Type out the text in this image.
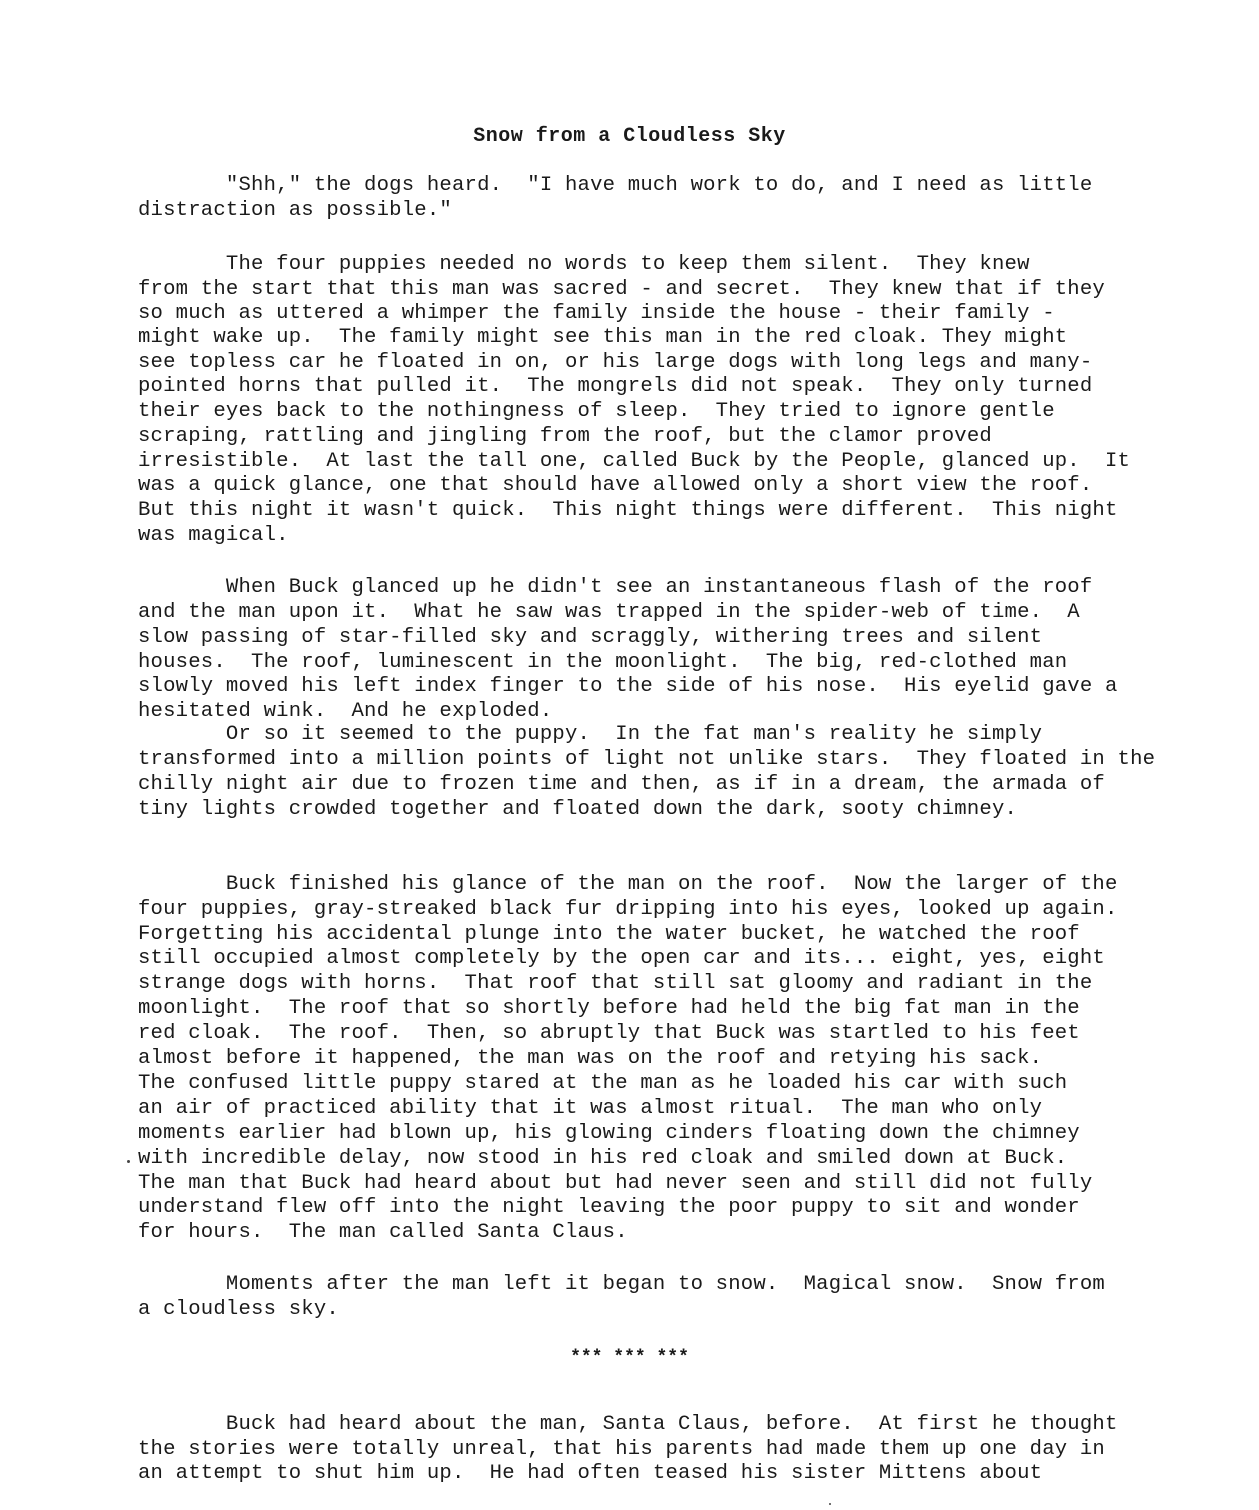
Snow from a Cloudless Sky
"Shh," the dogs heard.  "I have much work to do, and I need as little
distraction as possible."
The four puppies needed no words to keep them silent.  They knew
from the start that this man was sacred - and secret.  They knew that if they
so much as uttered a whimper the family inside the house - their family -
might wake up.  The family might see this man in the red cloak. They might
see topless car he floated in on, or his large dogs with long legs and many-
pointed horns that pulled it.  The mongrels did not speak.  They only turned
their eyes back to the nothingness of sleep.  They tried to ignore gentle
scraping, rattling and jingling from the roof, but the clamor proved
irresistible.  At last the tall one, called Buck by the People, glanced up.  It
was a quick glance, one that should have allowed only a short view the roof.
But this night it wasn't quick.  This night things were different.  This night
was magical.
When Buck glanced up he didn't see an instantaneous flash of the roof
and the man upon it.  What he saw was trapped in the spider-web of time.  A
slow passing of star-filled sky and scraggly, withering trees and silent
houses.  The roof, luminescent in the moonlight.  The big, red-clothed man
slowly moved his left index finger to the side of his nose.  His eyelid gave a
hesitated wink.  And he exploded.
Or so it seemed to the puppy.  In the fat man's reality he simply
transformed into a million points of light not unlike stars.  They floated in the
chilly night air due to frozen time and then, as if in a dream, the armada of
tiny lights crowded together and floated down the dark, sooty chimney.
Buck finished his glance of the man on the roof.  Now the larger of the
four puppies, gray-streaked black fur dripping into his eyes, looked up again.
Forgetting his accidental plunge into the water bucket, he watched the roof
still occupied almost completely by the open car and its... eight, yes, eight
strange dogs with horns.  That roof that still sat gloomy and radiant in the
moonlight.  The roof that so shortly before had held the big fat man in the
red cloak.  The roof.  Then, so abruptly that Buck was startled to his feet
almost before it happened, the man was on the roof and retying his sack.
The confused little puppy stared at the man as he loaded his car with such
an air of practiced ability that it was almost ritual.  The man who only
moments earlier had blown up, his glowing cinders floating down the chimney
with incredible delay, now stood in his red cloak and smiled down at Buck.
The man that Buck had heard about but had never seen and still did not fully
understand flew off into the night leaving the poor puppy to sit and wonder
for hours.  The man called Santa Claus.
Moments after the man left it began to snow.  Magical snow.  Snow from
a cloudless sky.
*** *** ***
Buck had heard about the man, Santa Claus, before.  At first he thought
the stories were totally unreal, that his parents had made them up one day in
an attempt to shut him up.  He had often teased his sister Mittens about
